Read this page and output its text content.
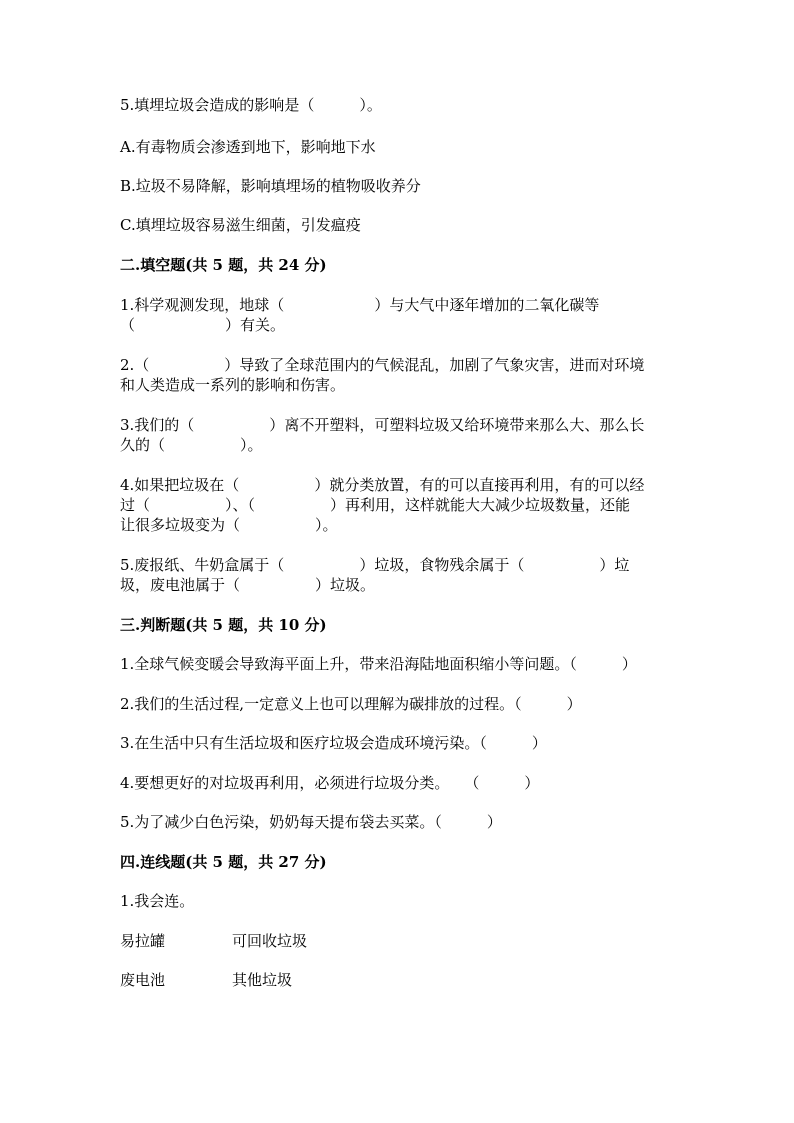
5.填埋垃圾会造成的影响是（　　　）。
A.有毒物质会渗透到地下，影响地下水
B.垃圾不易降解，影响填埋场的植物吸收养分
C.填埋垃圾容易滋生细菌，引发瘟疫
二.填空题(共 5 题，共 24 分)
1.科学观测发现，地球（　　　　　　）与大气中逐年增加的二氧化碳等
（　　　　　　）有关。
2.（　　　　　）导致了全球范围内的气候混乱，加剧了气象灾害，进而对环境
和人类造成一系列的影响和伤害。
3.我们的（　　　　　）离不开塑料，可塑料垃圾又给环境带来那么大、那么长
久的（　　　　　）。
4.如果把垃圾在（　　　　　）就分类放置，有的可以直接再利用，有的可以经
过（　　　　　）、（　　　　　）再利用，这样就能大大减少垃圾数量，还能
让很多垃圾变为（　　　　　）。
5.废报纸、牛奶盒属于（　　　　　）垃圾，食物残余属于（　　　　　）垃
圾，废电池属于（　　　　　）垃圾。
三.判断题(共 5 题，共 10 分)
1.全球气候变暖会导致海平面上升，带来沿海陆地面积缩小等问题。（　　　）
2.我们的生活过程,一定意义上也可以理解为碳排放的过程。（　　　）
3.在生活中只有生活垃圾和医疗垃圾会造成环境污染。（　　　）
4.要想更好的对垃圾再利用，必须进行垃圾分类。　　（　　　）
5.为了减少白色污染，奶奶每天提布袋去买菜。（　　　）
四.连线题(共 5 题，共 27 分)
1.我会连。
易拉罐	可回收垃圾
废电池	其他垃圾
